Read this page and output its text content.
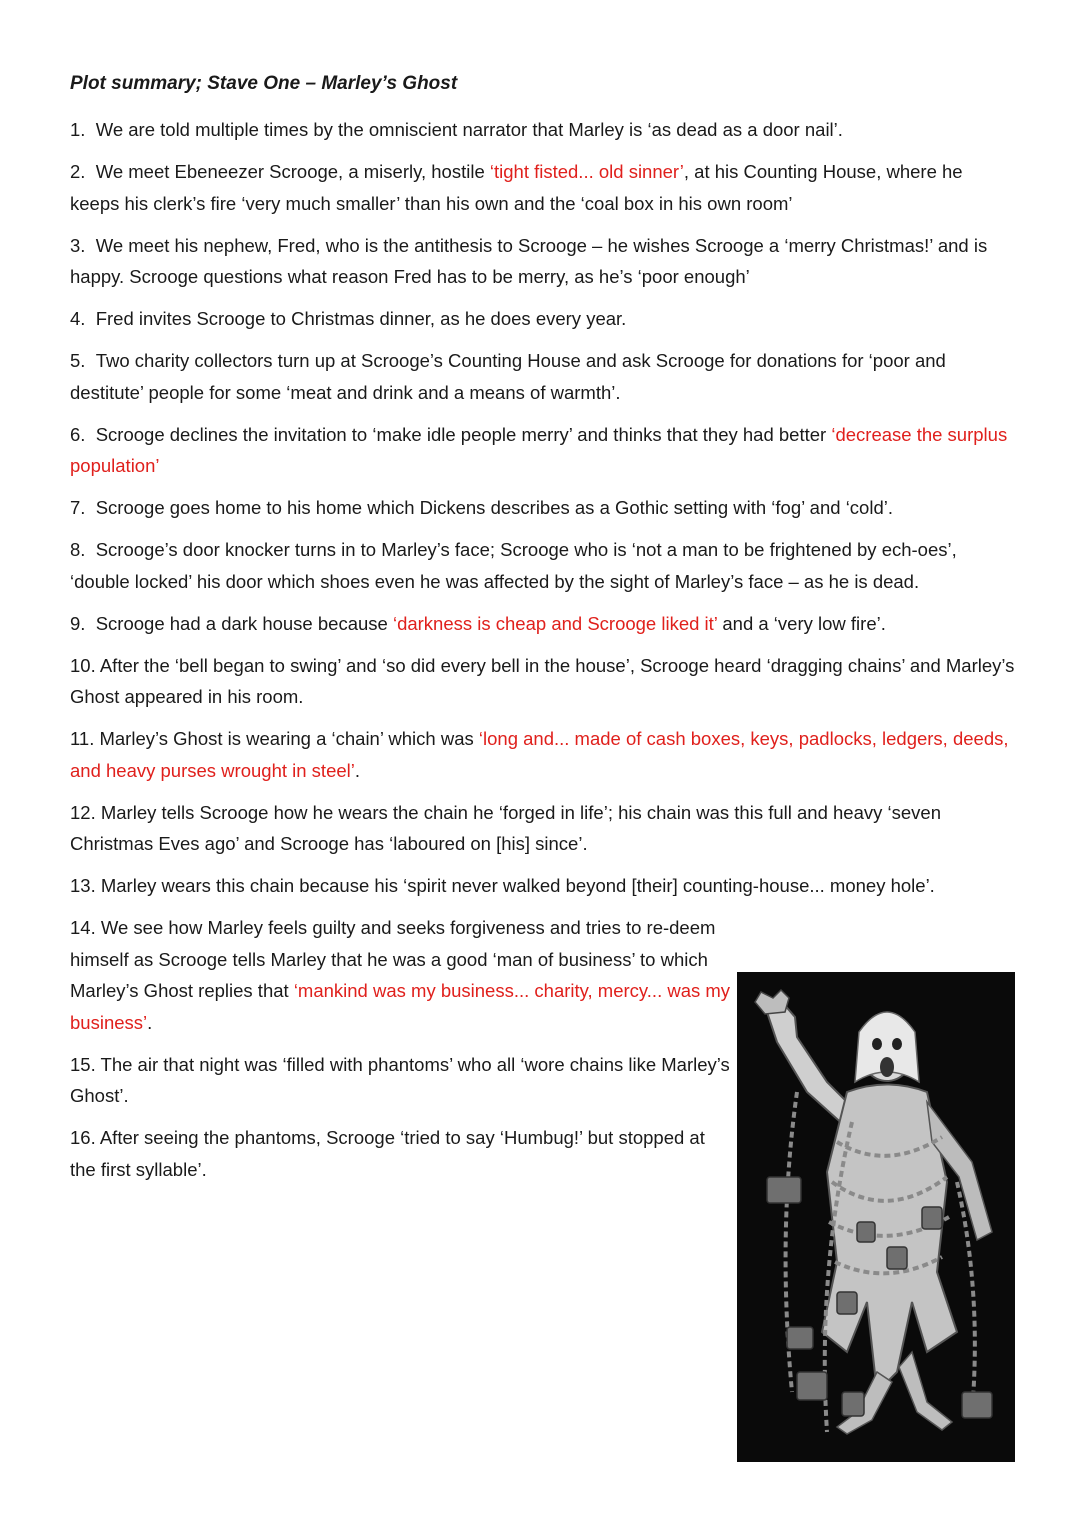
Plot summary; Stave One – Marley’s Ghost

1.  We are told multiple times by the omniscient narrator that Marley is ‘as dead as a door nail’.

2.  We meet Ebeneezer Scrooge, a miserly, hostile ‘tight fisted... old sinner’, at his Counting House, where he keeps his clerk’s fire ‘very much smaller’ than his own and the ‘coal box in his own room’

3.  We meet his nephew, Fred, who is the antithesis to Scrooge – he wishes Scrooge a ‘merry Christmas!’ and is happy. Scrooge questions what reason Fred has to be merry, as he’s ‘poor enough’

4.  Fred invites Scrooge to Christmas dinner, as he does every year.

5.  Two charity collectors turn up at Scrooge’s Counting House and ask Scrooge for donations for ‘poor and destitute’ people for some ‘meat and drink and a means of warmth’.

6.  Scrooge declines the invitation to ‘make idle people merry’ and thinks that they had better ‘decrease the surplus population’

7.  Scrooge goes home to his home which Dickens describes as a Gothic setting with ‘fog’ and ‘cold’.

8.  Scrooge’s door knocker turns in to Marley’s face; Scrooge who is ‘not a man to be frightened by ech-oes’, ‘double locked’ his door which shoes even he was affected by the sight of Marley’s face – as he is dead.

9.  Scrooge had a dark house because ‘darkness is cheap and Scrooge liked it’ and a ‘very low fire’.

10. After the ‘bell began to swing’ and ‘so did every bell in the house’, Scrooge heard ‘dragging chains’ and Marley’s Ghost appeared in his room.

11. Marley’s Ghost is wearing a ‘chain’ which was ‘long and... made of cash boxes, keys, padlocks, ledgers, deeds, and heavy purses wrought in steel’.

12. Marley tells Scrooge how he wears the chain he ‘forged in life’; his chain was this full and heavy ‘seven Christmas Eves ago’ and Scrooge has ‘laboured on [his] since’.

13. Marley wears this chain because his ‘spirit never walked beyond [their] counting-house... money hole’.

14. We see how Marley feels guilty and seeks forgiveness and tries to re-deem himself as Scrooge tells Marley that he was a good ‘man of business’ to which Marley’s Ghost replies that ‘mankind was my business... charity, mercy... was my business’.

15. The air that night was ‘filled with phantoms’ who all ‘wore chains like Marley’s Ghost’.

16. After seeing the phantoms, Scrooge ‘tried to say ‘Humbug!’ but stopped at the first syllable’.
